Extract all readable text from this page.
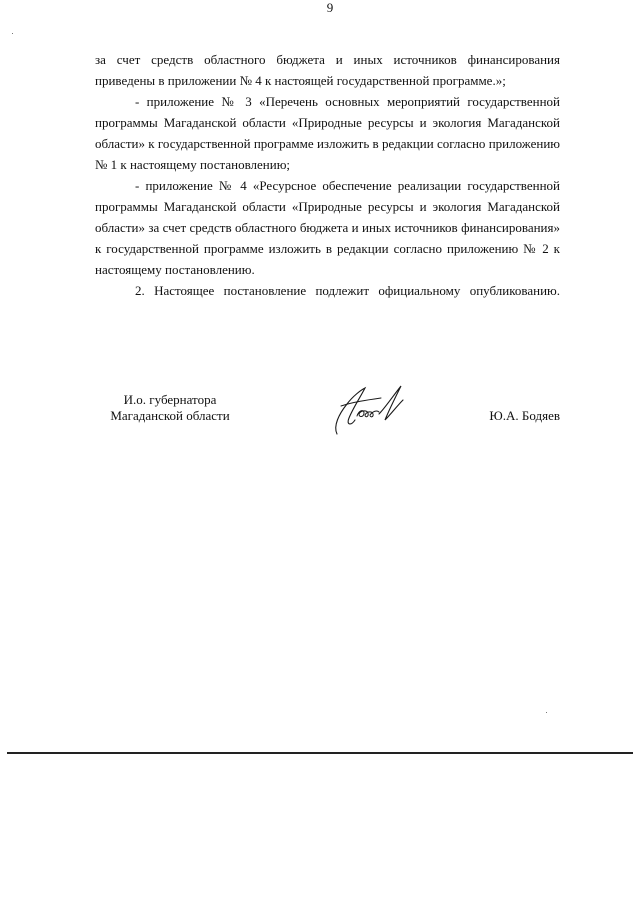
9

за счет средств областного бюджета и иных источников финансирования приведены в приложении № 4 к настоящей государственной программе.»;

- приложение № 3 «Перечень основных мероприятий государственной программы Магаданской области «Природные ресурсы и экология Магаданской области» к государственной программе изложить в редакции согласно приложению № 1 к настоящему постановлению;

- приложение № 4 «Ресурсное обеспечение реализации государственной программы Магаданской области «Природные ресурсы и экология Магаданской области» за счет средств областного бюджета и иных источников финансирования» к государственной программе изложить в редакции согласно приложению № 2 к настоящему постановлению.

2. Настоящее постановление подлежит официальному опубликованию.

И.о. губернатора
Магаданской области	Ю.А. Бодяев
